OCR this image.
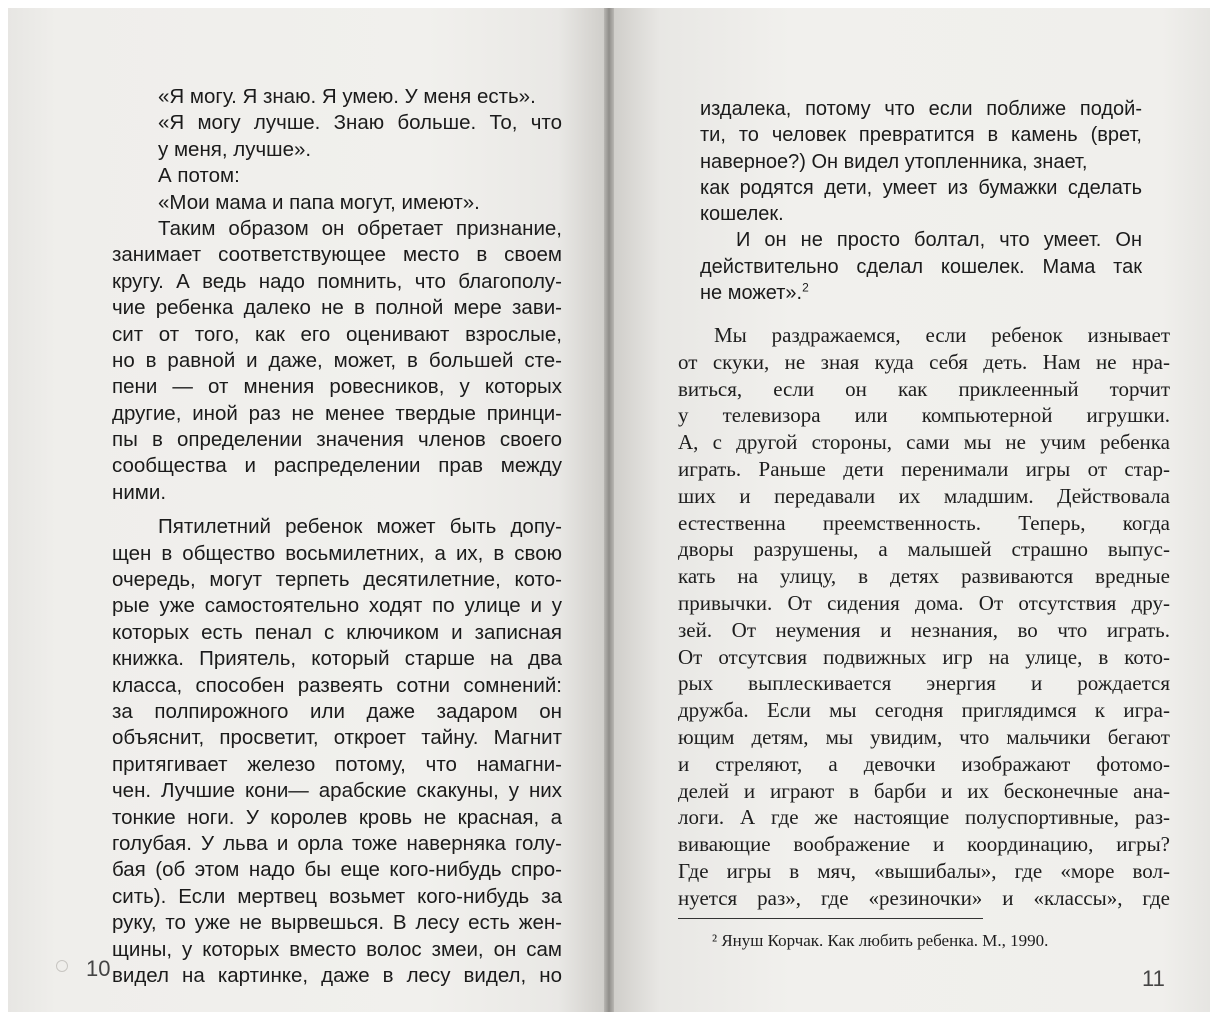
«Я могу. Я знаю. Я умею. У меня есть».
«Я могу лучше. Знаю больше. То, что
у меня, лучше».
А потом:
«Мои мама и папа могут, имеют».
Таким образом он обретает признание,
занимает соответствующее место в своем
кругу. А ведь надо помнить, что благополу-
чие ребенка далеко не в полной мере зави-
сит от того, как его оценивают взрослые,
но в равной и даже, может, в большей сте-
пени — от мнения ровесников, у которых
другие, иной раз не менее твердые принци-
пы в определении значения членов своего
сообщества и распределении прав между
ними.
Пятилетний ребенок может быть допу-
щен в общество восьмилетних, а их, в свою
очередь, могут терпеть десятилетние, кото-
рые уже самостоятельно ходят по улице и у
которых есть пенал с ключиком и записная
книжка. Приятель, который старше на два
класса, способен развеять сотни сомнений:
за полпирожного или даже задаром он
объяснит, просветит, откроет тайну. Магнит
притягивает железо потому, что намагни-
чен. Лучшие кони— арабские скакуны, у них
тонкие ноги. У королев кровь не красная, а
голубая. У льва и орла тоже наверняка голу-
бая (об этом надо бы еще кого-нибудь спро-
сить). Если мертвец возьмет кого-нибудь за
руку, то уже не вырвешься. В лесу есть жен-
щины, у которых вместо волос змеи, он сам
видел на картинке, даже в лесу видел, но
10
издалека, потому что если поближе подой-
ти, то человек превратится в камень (врет,
наверное?) Он видел утопленника, знает,
как родятся дети, умеет из бумажки сделать
кошелек.
И он не просто болтал, что умеет. Он
действительно сделал кошелек. Мама так
не может».$^2$
Мы раздражаемся, если ребенок изнывает
от скуки, не зная куда себя деть. Нам не нра-
виться, если он как приклеенный торчит
у телевизора или компьютерной игрушки.
А, с другой стороны, сами мы не учим ребенка
играть. Раньше дети перенимали игры от стар-
ших и передавали их младшим. Действовала
естественна преемственность. Теперь, когда
дворы разрушены, а малышей страшно выпус-
кать на улицу, в детях развиваются вредные
привычки. От сидения дома. От отсутствия дру-
зей. От неумения и незнания, во что играть.
От отсутсвия подвижных игр на улице, в кото-
рых выплескивается энергия и рождается
дружба. Если мы сегодня приглядимся к игра-
ющим детям, мы увидим, что мальчики бегают
и стреляют, а девочки изображают фотомо-
делей и играют в барби и их бесконечные ана-
логи. А где же настоящие полуспортивные, раз-
вивающие воображение и координацию, игры?
Где игры в мяч, «вышибалы», где «море вол-
нуется раз», где «резиночки» и «классы», где
² Януш Корчак. Как любить ребенка. М., 1990.
11
